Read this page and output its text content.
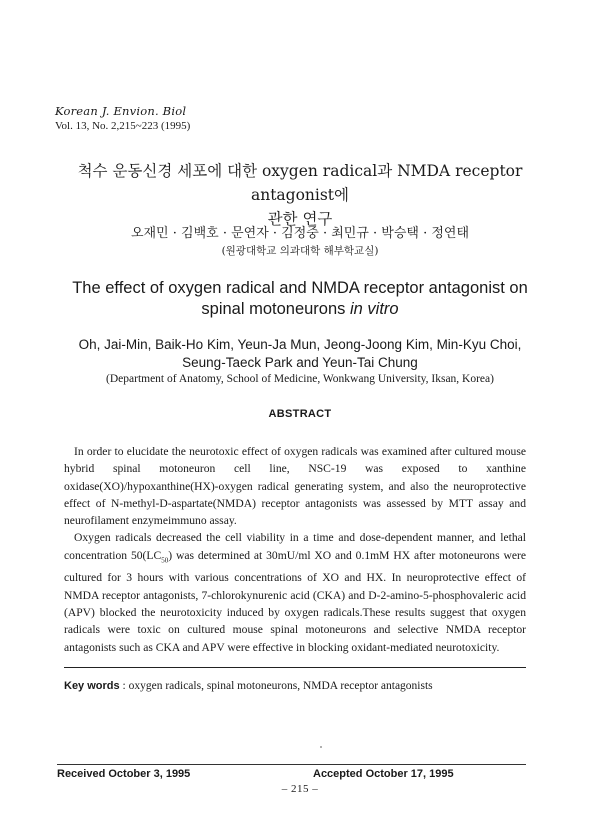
Korean J. Envion. Biol
Vol. 13, No. 2,215~223 (1995)
척수 운동신경 세포에 대한 oxygen radical과 NMDA receptor antagonist에
관한 연구
오재민 · 김백호 · 문연자 · 김정중 · 최민규 · 박승택 · 정연태
(원광대학교 의과대학 해부학교실)
The effect of oxygen radical and NMDA receptor antagonist on
spinal motoneurons in vitro
Oh, Jai-Min, Baik-Ho Kim, Yeun-Ja Mun, Jeong-Joong Kim, Min-Kyu Choi,
Seung-Taeck Park and Yeun-Tai Chung
(Department of Anatomy, School of Medicine, Wonkwang University, Iksan, Korea)
ABSTRACT

In order to elucidate the neurotoxic effect of oxygen radicals was examined after cultured mouse hybrid spinal motoneuron cell line, NSC-19 was exposed to xanthine oxidase(XO)/hypoxanthine(HX)-oxygen radical generating system, and also the neuroprotective effect of N-methyl-D-aspartate(NMDA) receptor antagonists was assessed by MTT assay and neurofilament enzymeimmuno assay.

Oxygen radicals decreased the cell viability in a time and dose-dependent manner, and lethal concentration $50(LC_{50})$ was determined at 30mU/ml XO and 0.1mM HX after motoneurons were cultured for 3 hours with various concentrations of XO and HX. In neuroprotective effect of NMDA receptor antagonists, 7-chlorokynurenic acid (CKA) and D-2-amino-5-phosphovaleric acid (APV) blocked the neurotoxicity induced by oxygen radicals.These results suggest that oxygen radicals were toxic on cultured mouse spinal motoneurons and selective NMDA receptor antagonists such as CKA and APV were effective in blocking oxidant-mediated neurotoxicity.

Key words : oxygen radicals, spinal motoneurons, NMDA receptor antagonists
Received October 3, 1995	Accepted October 17, 1995
– 215 –
